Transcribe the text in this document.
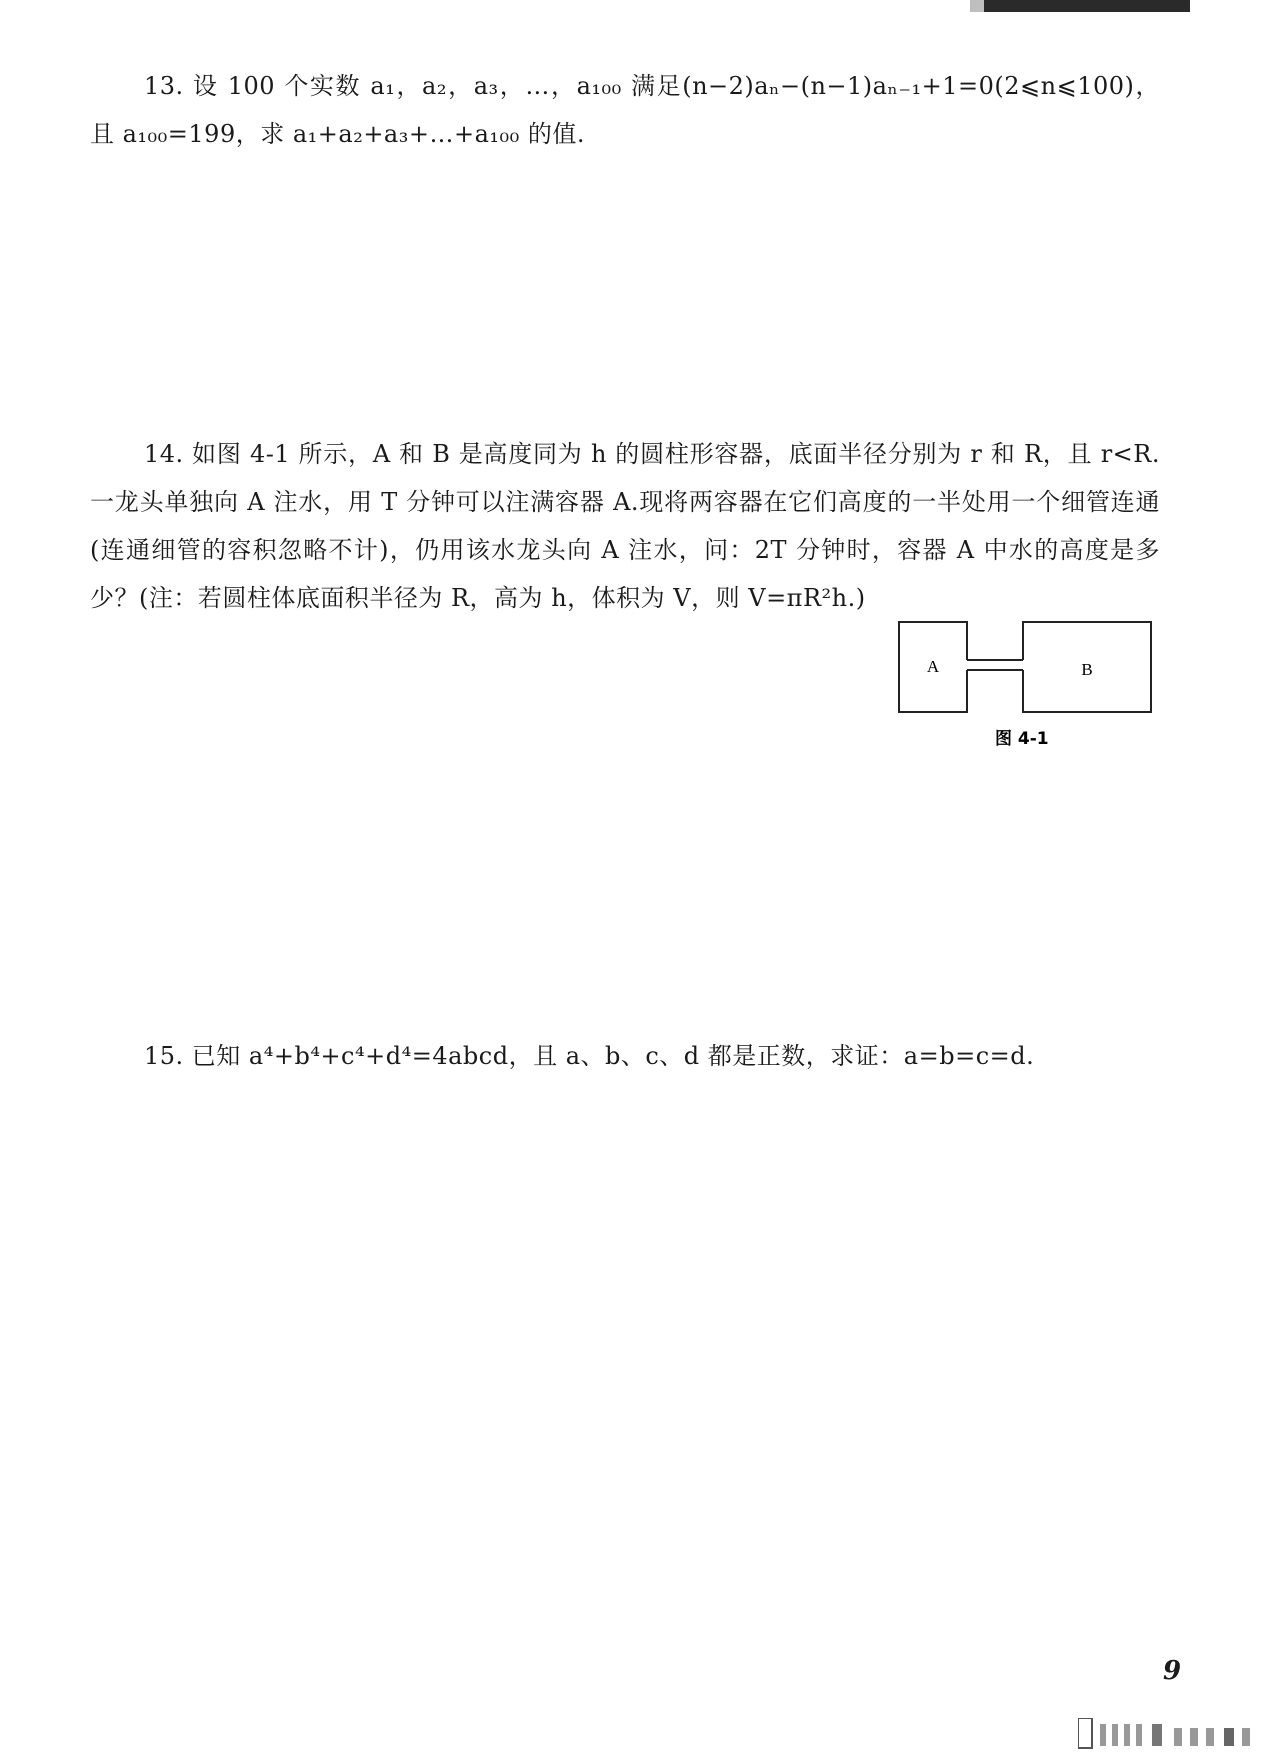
13. 设 100 个实数 a₁，a₂，a₃，…，a₁₀₀ 满足(n−2)aₙ−(n−1)aₙ₋₁+1=0(2⩽n⩽100)，且 a₁₀₀=199，求 a₁+a₂+a₃+…+a₁₀₀ 的值.

14. 如图 4-1 所示，A 和 B 是高度同为 h 的圆柱形容器，底面半径分别为 r 和 R，且 r<R. 一龙头单独向 A 注水，用 T 分钟可以注满容器 A.现将两容器在它们高度的一半处用一个细管连通(连通细管的容积忽略不计)，仍用该水龙头向 A 注水，问：2T 分钟时，容器 A 中水的高度是多少？(注：若圆柱体底面积半径为 R，高为 h，体积为 V，则 V=πR²h.)

A	B
图 4-1

15. 已知 a⁴+b⁴+c⁴+d⁴=4abcd，且 a、b、c、d 都是正数，求证：a=b=c=d.

9
